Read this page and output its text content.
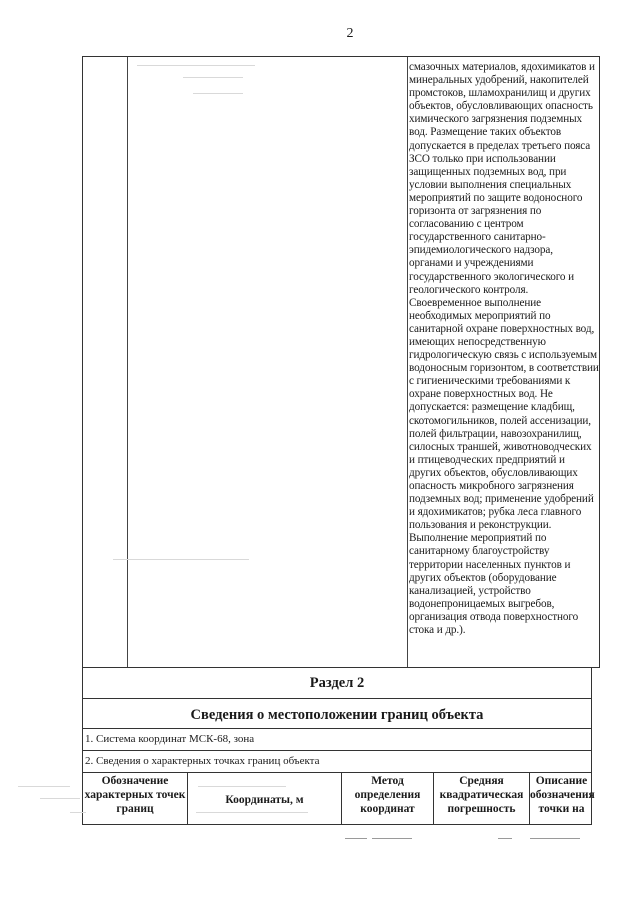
2
смазочных материалов, ядохимикатов и минеральных удобрений, накопителей промстоков, шламохранилищ и других объектов, обусловливающих опасность химического загрязнения подземных вод. Размещение таких объектов допускается в пределах третьего пояса ЗСО только при использовании защищенных подземных вод, при условии выполнения специальных мероприятий по защите водоносного горизонта от загрязнения по согласованию с центром государственного санитарно-эпидемиологического надзора, органами и учреждениями государственного экологического и геологического контроля. Своевременное выполнение необходимых мероприятий по санитарной охране поверхностных вод, имеющих непосредственную гидрологическую связь с используемым водоносным горизонтом, в соответствии с гигиеническими требованиями к охране поверхностных вод. Не допускается: размещение кладбищ, скотомогильников, полей ассенизации, полей фильтрации, навозохранилищ, силосных траншей, животноводческих и птицеводческих предприятий и других объектов, обусловливающих опасность микробного загрязнения подземных вод; применение удобрений и ядохимикатов; рубка леса главного пользования и реконструкции. Выполнение мероприятий по санитарному благоустройству территории населенных пунктов и других объектов (оборудование канализацией, устройство водонепроницаемых выгребов, организация отвода поверхностного стока и др.).
Раздел 2
Сведения о местоположении границ объекта
1. Система координат МСК-68, зона
2. Сведения о характерных точках границ объекта
Обозначение характерных точек границ
Координаты, м
Метод определения координат
Средняя квадратическая погрешность
Описание обозначения точки на
